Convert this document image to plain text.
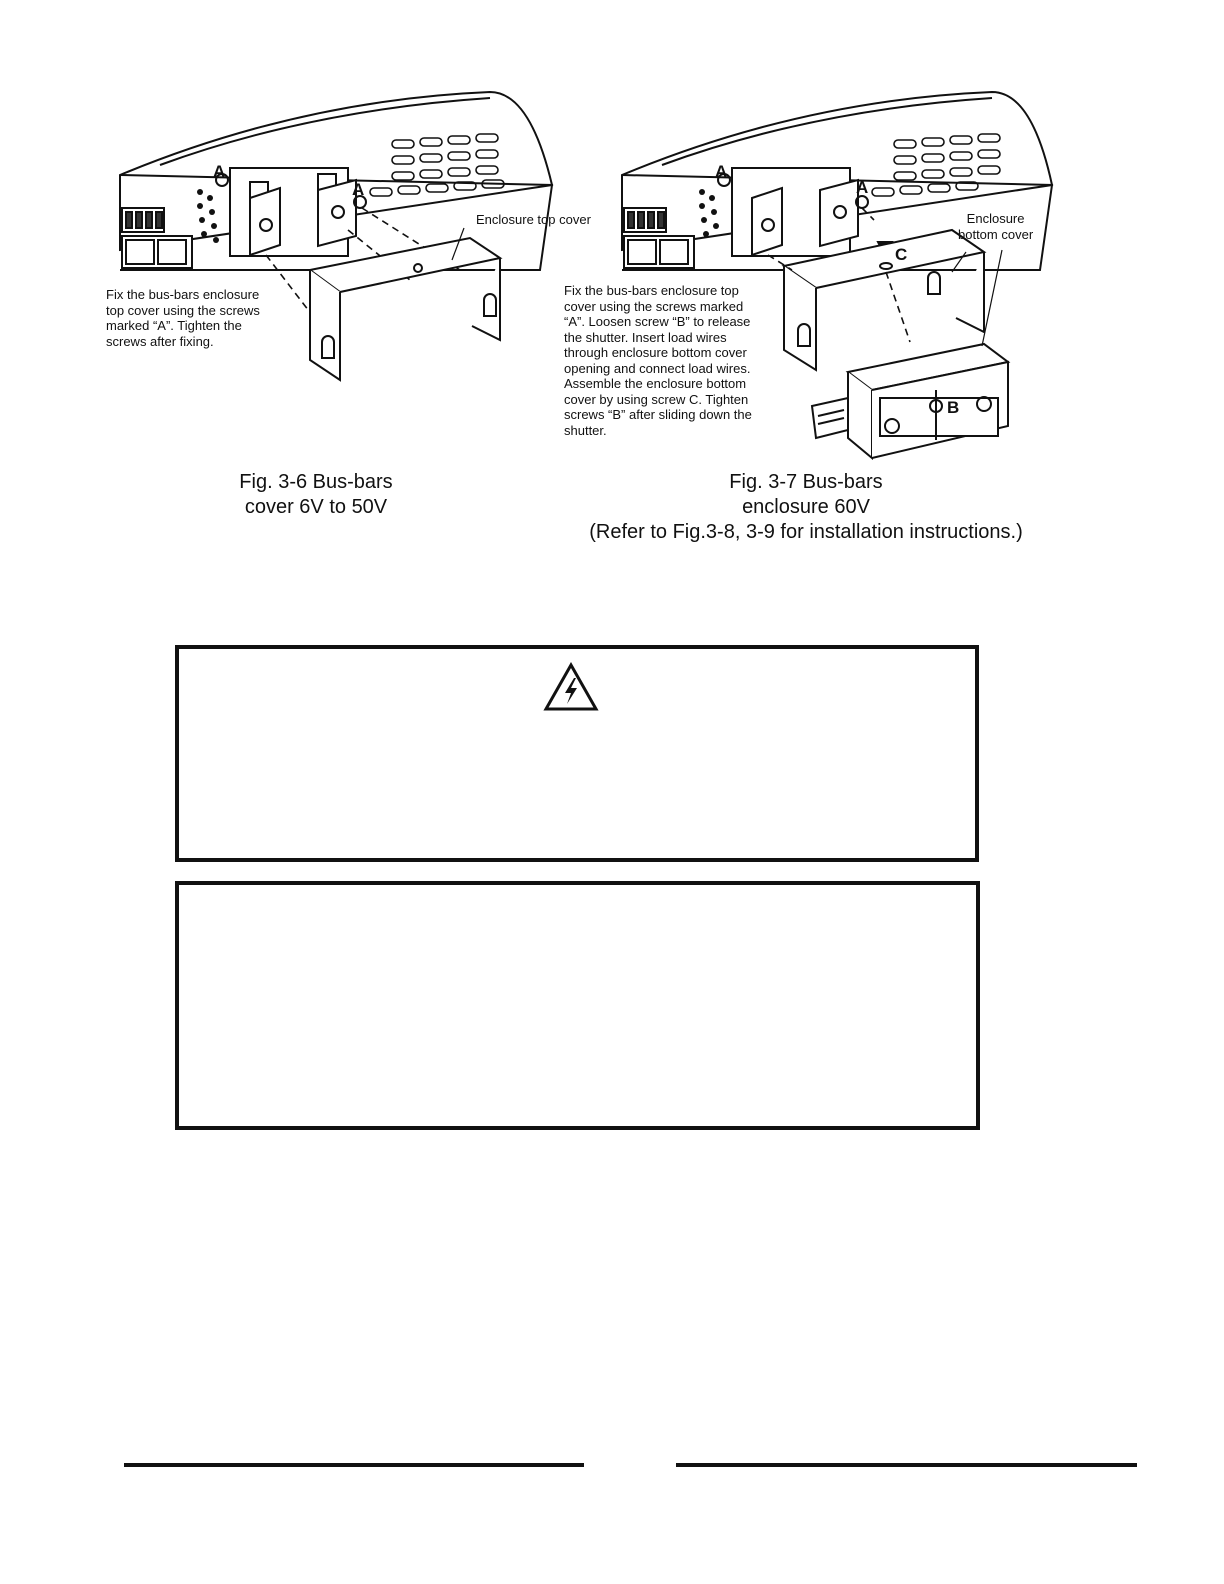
A
A
Enclosure top cover
Fix the bus-bars enclosure
top cover using the screws
marked “A”. Tighten the
screws after fixing.
A
A
C
B
Enclosure
bottom cover
Fix the bus-bars enclosure top
cover using the screws marked
“A”. Loosen screw “B” to release
the shutter. Insert load wires
through enclosure bottom cover
opening and connect load wires.
Assemble the enclosure bottom
cover by using screw C. Tighten
screws “B” after sliding down the
shutter.
Fig. 3-6 Bus-bars
cover 6V to 50V
Fig. 3-7 Bus-bars
enclosure 60V
(Refer to Fig.3-8, 3-9 for installation instructions.)
